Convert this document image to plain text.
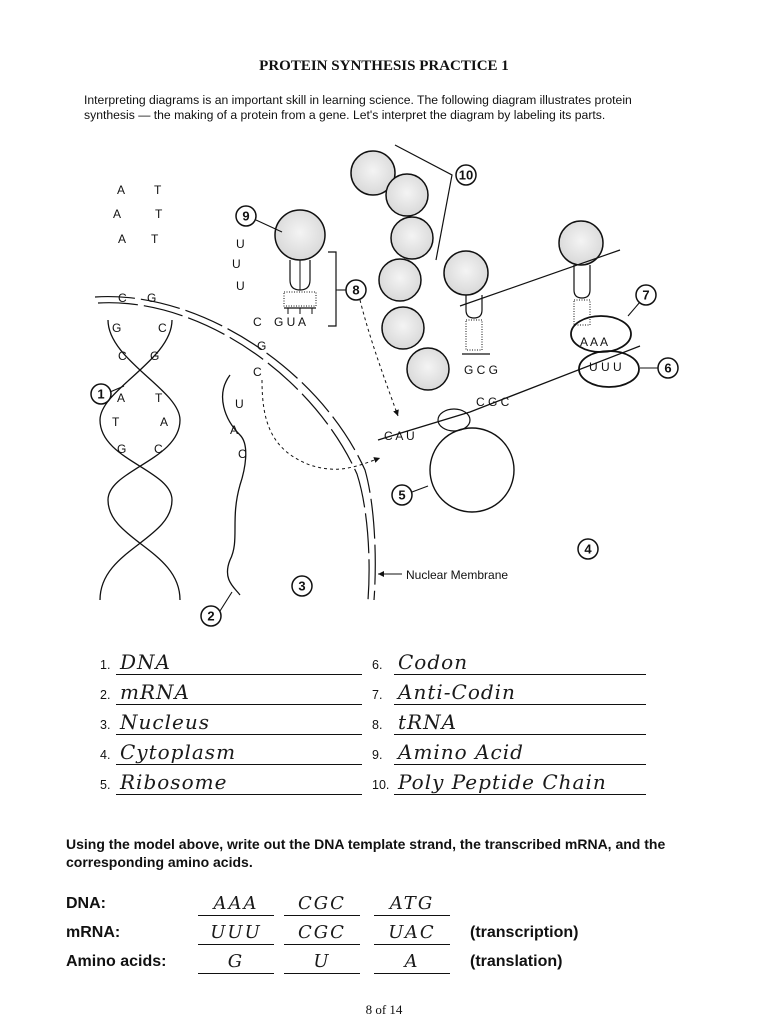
PROTEIN SYNTHESIS PRACTICE 1
Interpreting diagrams is an important skill in learning science. The following diagram illustrates protein synthesis — the making of a protein from a gene. Let's interpret the diagram by labeling its parts.
Nuclear Membrane
A
A
A
C
G
C
A
T
G
T
T
T
G
C
G
T
A
C
U
U
U
C
G
C
U
A
C
G U A
G C G
A A A
U U U
C G C
C A U
1
2
3
4
5
6
7
8
9
10
1. DNA
2. mRNA
3. Nucleus
4. Cytoplasm
5. Ribosome
6. Codon
7. Anti-Codin
8. tRNA
9. Amino Acid
10. Poly Peptide Chain
Using the model above, write out the DNA template strand, the transcribed mRNA, and the corresponding amino acids.
DNA:	AAA	CGC	ATG
mRNA:	UUU	CGC	UAC	(transcription)
Amino acids:	G	U	A	(translation)
8 of 14
